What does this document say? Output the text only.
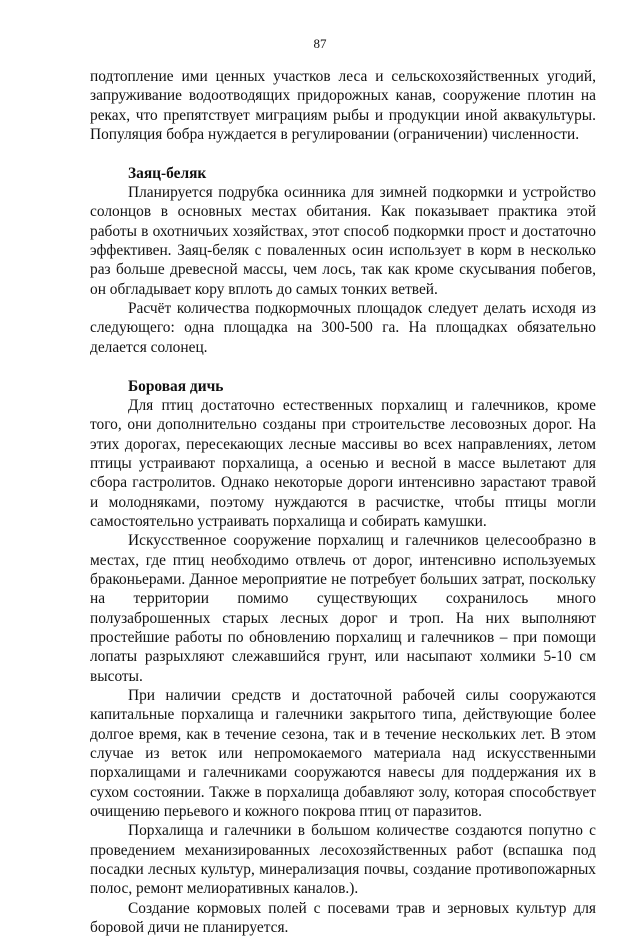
87

подтопление ими ценных участков леса и сельскохозяйственных угодий, запруживание водоотводящих придорожных канав, сооружение плотин на реках, что препятствует миграциям рыбы и продукции иной аквакультуры. Популяция бобра нуждается в регулировании (ограничении) численности.

Заяц-беляк

Планируется подрубка осинника для зимней подкормки и устройство солонцов в основных местах обитания. Как показывает практика этой работы в охотничьих хозяйствах, этот способ подкормки прост и достаточно эффективен. Заяц-беляк с поваленных осин использует в корм в несколько раз больше древесной массы, чем лось, так как кроме скусывания побегов, он обгладывает кору вплоть до самых тонких ветвей.

Расчёт количества подкормочных площадок следует делать исходя из следующего: одна площадка на 300-500 га. На площадках обязательно делается солонец.

Боровая дичь

Для птиц достаточно естественных порхалищ и галечников, кроме того, они дополнительно созданы при строительстве лесовозных дорог. На этих дорогах, пересекающих лесные массивы во всех направлениях, летом птицы устраивают порхалища, а осенью и весной в массе вылетают для сбора гастролитов. Однако некоторые дороги интенсивно зарастают травой и молодняками, поэтому нуждаются в расчистке, чтобы птицы могли самостоятельно устраивать порхалища и собирать камушки.

Искусственное сооружение порхалищ и галечников целесообразно в местах, где птиц необходимо отвлечь от дорог, интенсивно используемых браконьерами. Данное мероприятие не потребует больших затрат, поскольку на территории помимо существующих сохранилось много полузаброшенных старых лесных дорог и троп. На них выполняют простейшие работы по обновлению порхалищ и галечников – при помощи лопаты разрыхляют слежавшийся грунт, или насыпают холмики 5-10 см высоты.

При наличии средств и достаточной рабочей силы сооружаются капитальные порхалища и галечники закрытого типа, действующие более долгое время, как в течение сезона, так и в течение нескольких лет. В этом случае из веток или непромокаемого материала над искусственными порхалищами и галечниками сооружаются навесы для поддержания их в сухом состоянии. Также в порхалища добавляют золу, которая способствует очищению перьевого и кожного покрова птиц от паразитов.

Порхалища и галечники в большом количестве создаются попутно с проведением механизированных лесохозяйственных работ (вспашка под посадки лесных культур, минерализация почвы, создание противопожарных полос, ремонт мелиоративных каналов.).

Создание кормовых полей с посевами трав и зерновых культур для боровой дичи не планируется.
